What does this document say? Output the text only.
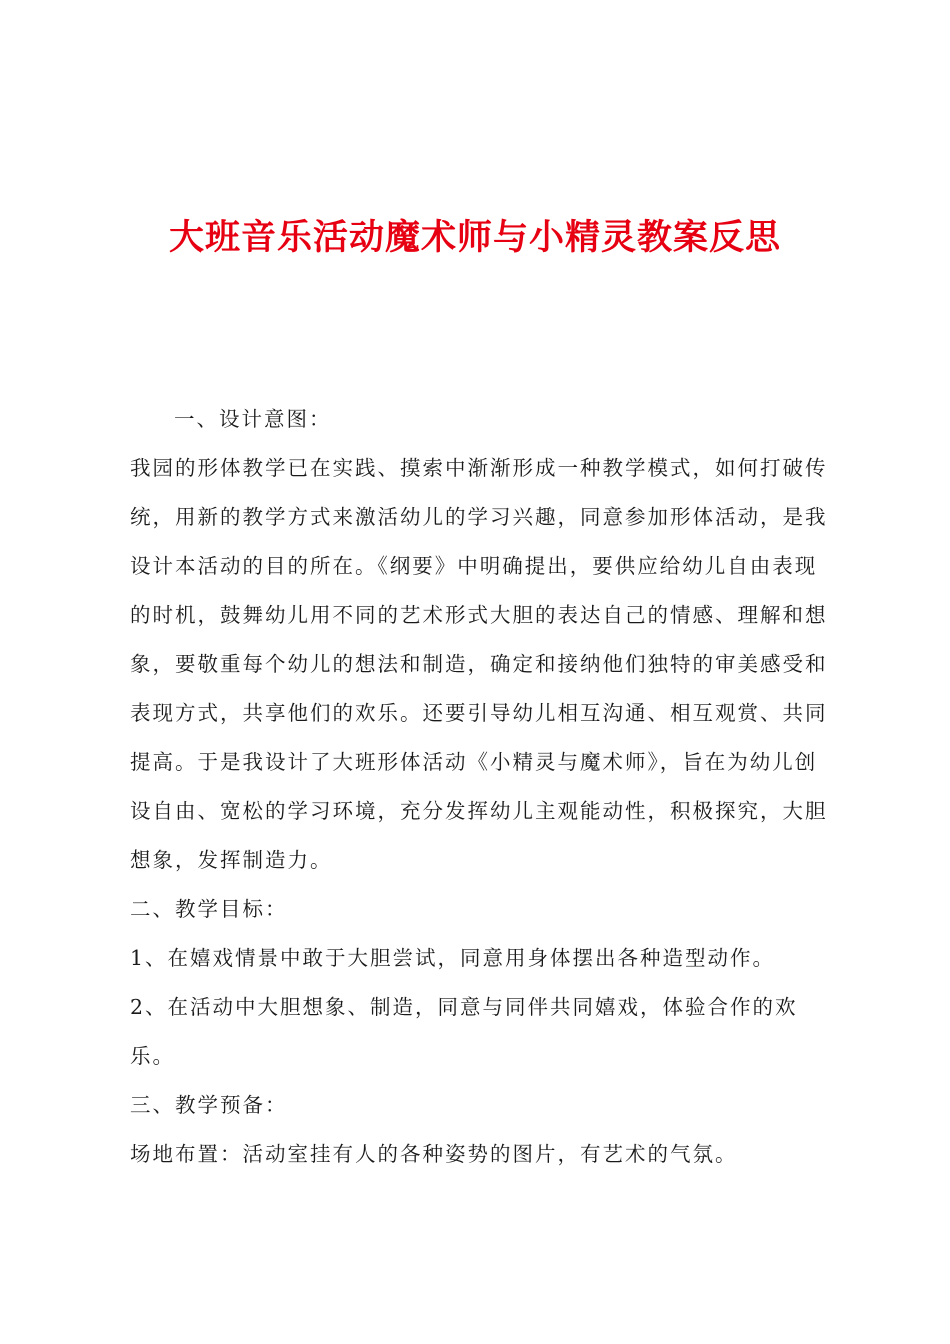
大班音乐活动魔术师与小精灵教案反思

一、设计意图：

我园的形体教学已在实践、摸索中渐渐形成一种教学模式，如何打破传统，用新的教学方式来激活幼儿的学习兴趣，同意参加形体活动，是我设计本活动的目的所在。《纲要》中明确提出，要供应给幼儿自由表现的时机，鼓舞幼儿用不同的艺术形式大胆的表达自己的情感、理解和想象，要敬重每个幼儿的想法和制造，确定和接纳他们独特的审美感受和表现方式，共享他们的欢乐。还要引导幼儿相互沟通、相互观赏、共同提高。于是我设计了大班形体活动《小精灵与魔术师》，旨在为幼儿创设自由、宽松的学习环境，充分发挥幼儿主观能动性，积极探究，大胆想象，发挥制造力。

二、教学目标：

1、在嬉戏情景中敢于大胆尝试，同意用身体摆出各种造型动作。

2、在活动中大胆想象、制造，同意与同伴共同嬉戏，体验合作的欢乐。

三、教学预备：

场地布置：活动室挂有人的各种姿势的图片，有艺术的气氛。
